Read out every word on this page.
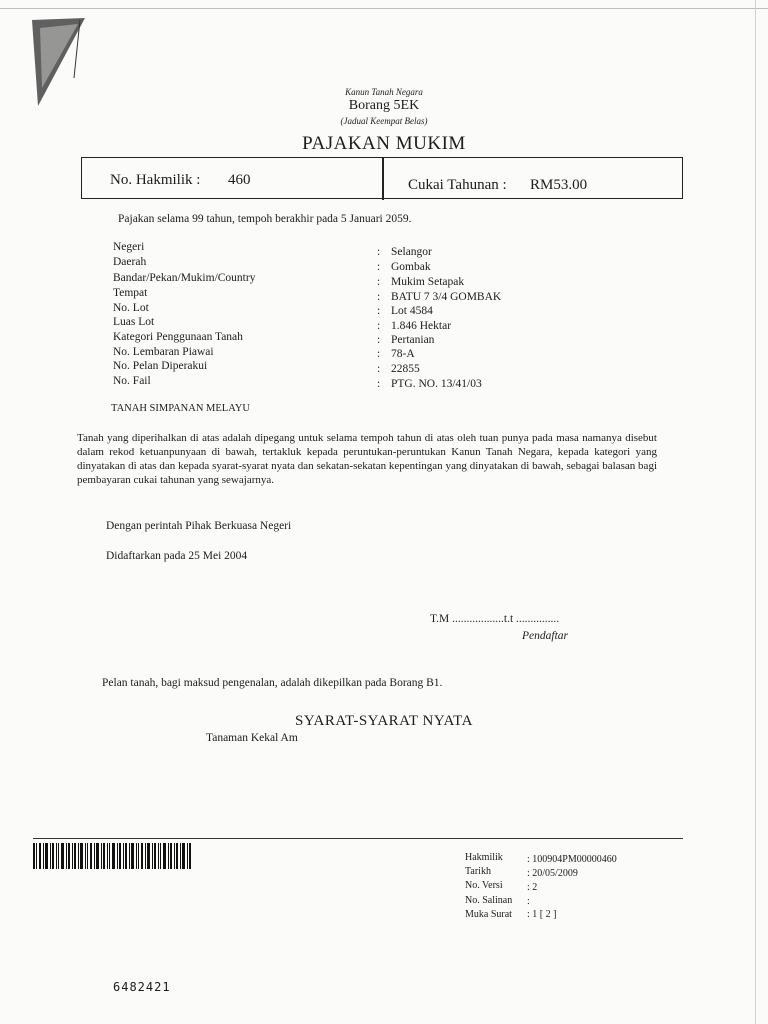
Kanun Tanah Negara
Borang 5EK
(Jadual Keempat Belas)
PAJAKAN MUKIM
No. Hakmilik : 460	Cukai Tahunan : RM53.00
Pajakan selama 99 tahun, tempoh berakhir pada 5 Januari 2059.
Negeri	: Selangor
Daerah	: Gombak
Bandar/Pekan/Mukim/Country	: Mukim Setapak
Tempat	: BATU 7 3/4 GOMBAK
No. Lot	: Lot 4584
Luas Lot	: 1.846 Hektar
Kategori Penggunaan Tanah	: Pertanian
No. Lembaran Piawai	: 78-A
No. Pelan Diperakui	: 22855
No. Fail	: PTG. NO. 13/41/03
TANAH SIMPANAN MELAYU
Tanah yang diperihalkan di atas adalah dipegang untuk selama tempoh tahun di atas oleh tuan punya pada masa namanya disebut dalam rekod ketuanpunyaan di bawah, tertakluk kepada peruntukan-peruntukan Kanun Tanah Negara, kepada kategori yang dinyatakan di atas dan kepada syarat-syarat nyata dan sekatan-sekatan kepentingan yang dinyatakan di bawah, sebagai balasan bagi pembayaran cukai tahunan yang sewajarnya.
Dengan perintah Pihak Berkuasa Negeri
Didaftarkan pada 25 Mei 2004
T.M ..................t.t ...............
Pendaftar
Pelan tanah, bagi maksud pengenalan, adalah dikepilkan pada Borang B1.
SYARAT-SYARAT NYATA
Tanaman Kekal Am
Hakmilik : 100904PM00000460
Tarikh	: 20/05/2009
No. Versi : 2
No. Salinan :
Muka Surat : 1 [ 2 ]
6482421
